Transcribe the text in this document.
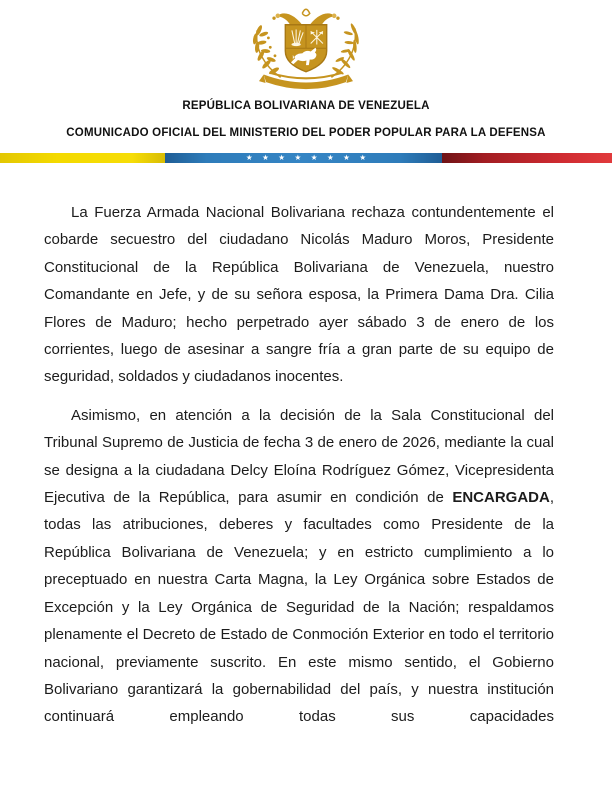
REPÚBLICA BOLIVARIANA DE VENEZUELA
COMUNICADO OFICIAL DEL MINISTERIO DEL PODER POPULAR PARA LA DEFENSA
★★★★★★★★

La Fuerza Armada Nacional Bolivariana rechaza contundentemente el cobarde secuestro del ciudadano Nicolás Maduro Moros, Presidente Constitucional de la República Bolivariana de Venezuela, nuestro Comandante en Jefe, y de su señora esposa, la Primera Dama Dra. Cilia Flores de Maduro; hecho perpetrado ayer sábado 3 de enero de los corrientes, luego de asesinar a sangre fría a gran parte de su equipo de seguridad, soldados y ciudadanos inocentes.

Asimismo, en atención a la decisión de la Sala Constitucional del Tribunal Supremo de Justicia de fecha 3 de enero de 2026, mediante la cual se designa a la ciudadana Delcy Eloína Rodríguez Gómez, Vicepresidenta Ejecutiva de la República, para asumir en condición de ENCARGADA, todas las atribuciones, deberes y facultades como Presidente de la República Bolivariana de Venezuela; y en estricto cumplimiento a lo preceptuado en nuestra Carta Magna, la Ley Orgánica sobre Estados de Excepción y la Ley Orgánica de Seguridad de la Nación; respaldamos plenamente el Decreto de Estado de Conmoción Exterior en todo el territorio nacional, previamente suscrito. En este mismo sentido, el Gobierno Bolivariano garantizará la gobernabilidad del país, y nuestra institución continuará empleando todas sus capacidades
